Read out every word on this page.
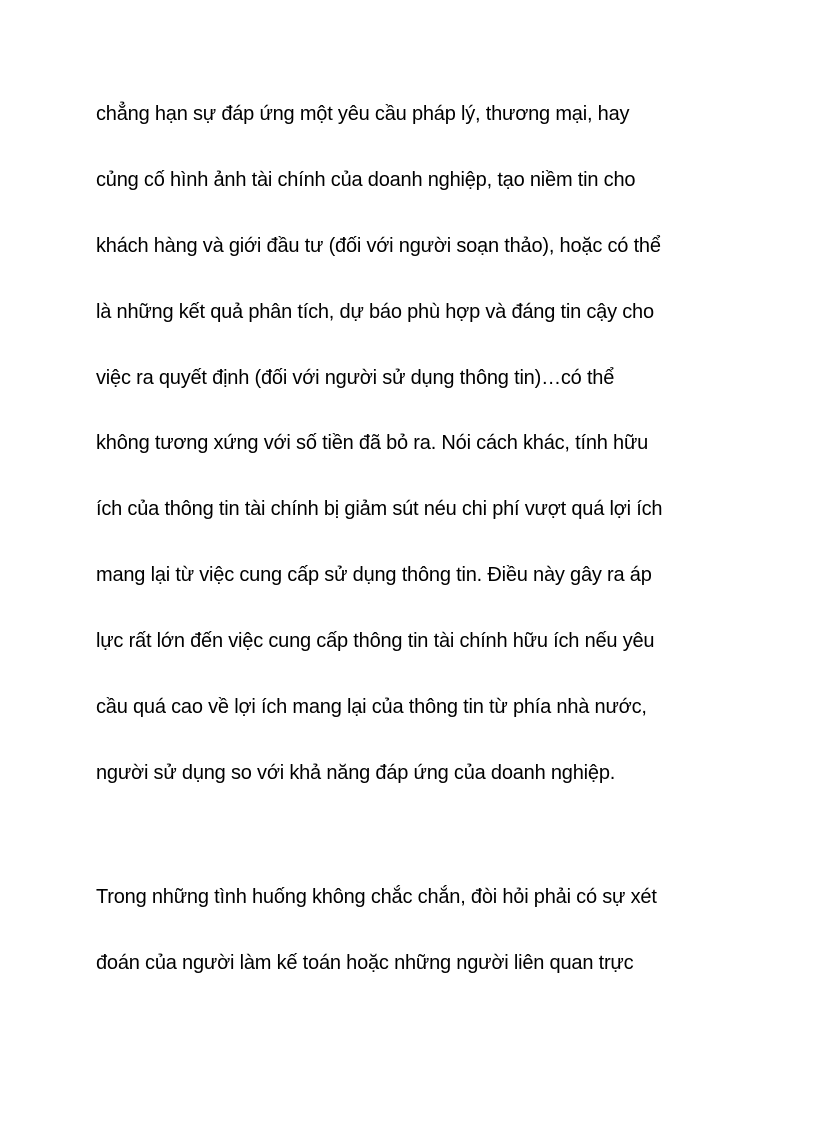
chẳng hạn sự đáp ứng một yêu cầu pháp lý, thương mại, hay
củng cố hình ảnh tài chính của doanh nghiệp, tạo niềm tin cho
khách hàng và giới đầu tư (đối với người soạn thảo), hoặc có thể
là những kết quả phân tích, dự báo phù hợp và đáng tin cậy cho
việc ra quyết định (đối với người sử dụng thông tin)…có thể
không tương xứng với số tiền đã bỏ ra. Nói cách khác, tính hữu
ích của thông tin tài chính bị giảm sút néu chi phí vượt quá lợi ích
mang lại từ việc cung cấp sử dụng thông tin. Điều này gây ra áp
lực rất lớn đến việc cung cấp thông tin tài chính hữu ích nếu yêu
cầu quá cao về lợi ích mang lại của thông tin từ phía nhà nước,
người sử dụng so với khả năng đáp ứng của doanh nghiệp.
Trong những tình huống không chắc chắn, đòi hỏi phải có sự xét
đoán của người làm kế toán hoặc những người liên quan trực
